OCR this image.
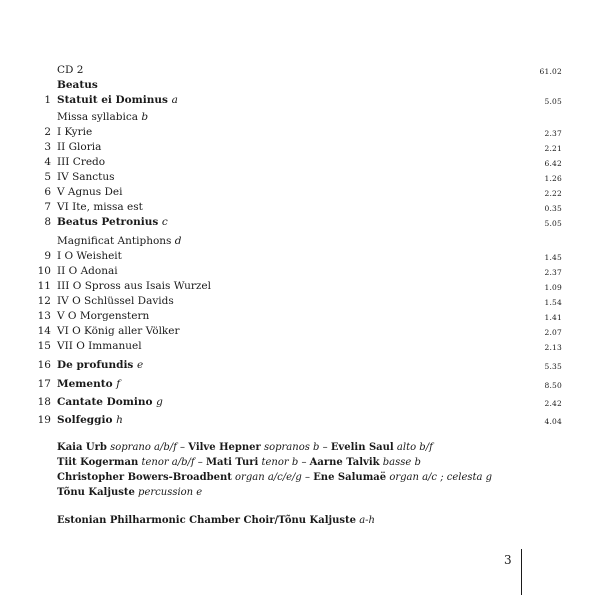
CD 2	61.02
Beatus
Missa syllabica b
Magnificat Antiphons d
1 Statuit ei Dominus a	5.05
2 I Kyrie	2.37
3 II Gloria	2.21
4 III Credo	6.42
5 IV Sanctus	1.26
6 V Agnus Dei	2.22
7 VI Ite, missa est	0.35
8 Beatus Petronius c	5.05
9 I O Weisheit	1.45
10 II O Adonai	2.37
11 III O Spross aus Isais Wurzel	1.09
12 IV O Schlüssel Davids	1.54
13 V O Morgenstern	1.41
14 VI O König aller Völker	2.07
15 VII O Immanuel	2.13
16 De profundis e	5.35
17 Memento f	8.50
18 Cantate Domino g	2.42
19 Solfeggio h	4.04
Kaia Urb soprano a/b/f – Vilve Hepner sopranos b – Evelin Saul alto b/f
Tiit Kogerman tenor a/b/f – Mati Turi tenor b – Aarne Talvik basse b
Christopher Bowers-Broadbent organ a/c/e/g – Ene Salumaë organ a/c ; celesta g
Tõnu Kaljuste percussion e
Estonian Philharmonic Chamber Choir/Tõnu Kaljuste a-h
3
